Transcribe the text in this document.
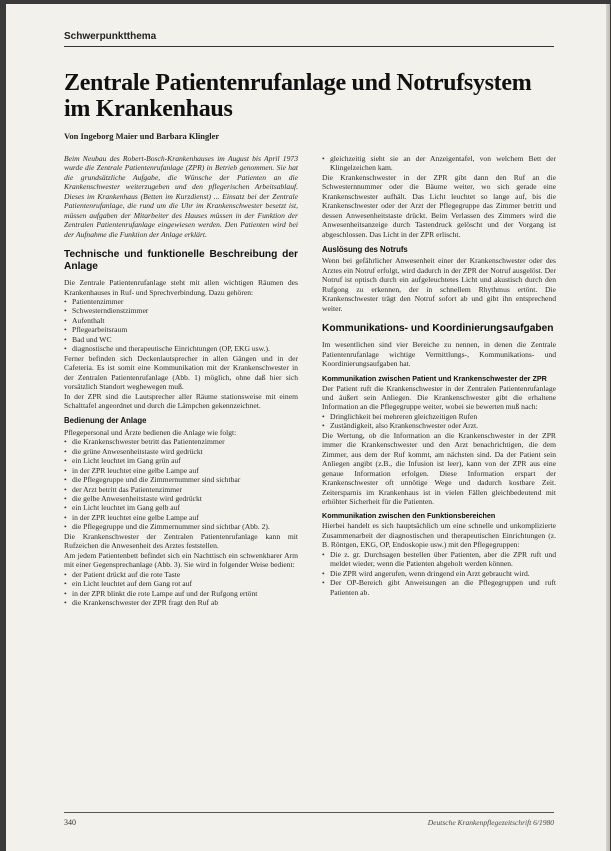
Schwerpunktthema
Zentrale Patientenrufanlage und Notrufsystem im Krankenhaus
Von Ingeborg Maier und Barbara Klingler

Beim Neubau des Robert-Bosch-Krankenhauses im August bis April 1973 wurde die Zentrale Patientenrufanlage (ZPR) in Betrieb genommen. Sie hat die grundsätzliche Aufgabe, die Wünsche der Patienten an die Krankenschwester weiterzugeben und den pflegerischen Arbeitsablauf. Dieses im Krankenhaus (Betten im Kurzdienst) ... Einsatz bei der Zentrale Patientenrufanlage, die rund um die Uhr im Krankenschwester besetzt ist, müssen aufgaben der Mitarbeiter des Hauses müssen in der Funktion der Zentralen Patientenrufanlage eingewiesen werden. Den Patienten wird bei der Aufnahme die Funktion der Anlage erklärt.

Technische und funktionelle Beschreibung der Anlage

Die Zentrale Patientenrufanlage steht mit allen wichtigen Räumen des Krankenhauses in Ruf- und Sprechverbindung. Dazu gehören:

• Patientenzimmer
• Schwesterndienstzimmer
• Aufenthalt
• Pflegearbeitsraum
• Bad und WC
• diagnostische und therapeutische Einrichtungen (OP, EKG usw.).

Ferner befinden sich Deckenlautsprecher in allen Gängen und in der Cafeteria. Es ist somit eine Kommunikation mit der Krankenschwester in der Zentralen Patientenrufanlage (Abb. 1) möglich, ohne daß hier sich vorsätzlich Standort weghewegen muß.

In der ZPR sind die Lautsprecher aller Räume stationsweise mit einem Schalttafel angeordnet und durch die Lämpchen gekennzeichnet.

Bedienung der Anlage

Pflegepersonal und Ärzte bedienen die Anlage wie folgt:

• die Krankenschwester betritt das Patientenzimmer
• die grüne Anwesenheitstaste wird gedrückt
• ein Licht leuchtet im Gang grün auf
• in der ZPR leuchtet eine gelbe Lampe auf
• die Pflegegruppe und die Zimmernummer sind sichtbar
• der Arzt betritt das Patientenzimmer
• die gelbe Anwesenheitstaste wird gedrückt
• ein Licht leuchtet im Gang gelb auf
• in der ZPR leuchtet eine gelbe Lampe auf
• die Pflegegruppe und die Zimmernummer sind sichtbar (Abb. 2).

Die Krankenschwester der Zentralen Patientenrufanlage kann mit Rufzeichen die Anwesenheit des Arztes feststellen.

Am jedem Patientenbett befindet sich ein Nachttisch ein schwenkbarer Arm mit einer Gegensprechanlage (Abb. 3). Sie wird in folgender Weise bedient:

• der Patient drückt auf die rote Taste
• ein Licht leuchtet auf dem Gang rot auf
• in der ZPR blinkt die rote Lampe auf und der Rufgong ertönt
• die Krankenschwester der ZPR fragt den Ruf ab
• gleichzeitig sieht sie an der Anzeigentafel, von welchem Bett der Klingelzeichen kam.

Die Krankenschwester in der ZPR gibt dann den Ruf an die Schwesternnummer oder die Bäume weiter, wo sich gerade eine Krankenschwester aufhält. Das Licht leuchtet so lange auf, bis die Krankenschwester oder der Arzt der Pflegegruppe das Zimmer betritt und dessen Anwesenheitstaste drückt. Beim Verlassen des Zimmers wird die Anwesenheitsanzeige durch Tastendruck gelöscht und der Vorgang ist abgeschlossen. Das Licht in der ZPR erlischt.

Auslösung des Notrufs

Wenn bei gefährlicher Anwesenheit einer der Krankenschwester oder des Arztes ein Notruf erfolgt, wird dadurch in der ZPR der Notruf ausgelöst. Der Notruf ist optisch durch ein aufgeleuchtetes Licht und akustisch durch den Rufgong zu erkennen, der in schnellem Rhythmus ertönt. Die Krankenschwester trägt den Notruf sofort ab und gibt ihn entsprechend weiter.

Kommunikations- und Koordinierungsaufgaben

Im wesentlichen sind vier Bereiche zu nennen, in denen die Zentrale Patientenrufanlage wichtige Vermittlungs-, Kommunikations- und Koordinierungsaufgaben hat.

Kommunikation zwischen Patient und Krankenschwester der ZPR

Der Patient ruft die Krankenschwester in der Zentralen Patientenrufanlage und äußert sein Anliegen. Die Krankenschwester gibt die erhaltene Information an die Pflegegruppe weiter, wobei sie bewerten muß nach:

• Dringlichkeit bei mehreren gleichzeitigen Rufen
• Zuständigkeit, also Krankenschwester oder Arzt.

Die Wertung, ob die Information an die Krankenschwester in der ZPR immer die Krankenschwester und den Arzt benachrichtigen, die dem Zimmer, aus dem der Ruf kommt, am nächsten sind. Da der Patient sein Anliegen angibt (z.B., die Infusion ist leer), kann von der ZPR aus eine genaue Information erfolgen. Diese Information erspart der Krankenschwester oft unnötige Wege und dadurch kostbare Zeit. Zeitersparnis im Krankenhaus ist in vielen Fällen gleichbedeutend mit erhöhter Sicherheit für die Patienten.

Kommunikation zwischen den Funktionsbereichen

Hierbei handelt es sich hauptsächlich um eine schnelle und unkomplizierte Zusammenarbeit der diagnostischen und therapeutischen Einrichtungen (z. B. Röntgen, EKG, OP, Endoskopie usw.) mit den Pflegegruppen:

• Die z. gr. Durchsagen bestellen über Patienten, aber die ZPR ruft und meldet wieder, wenn die Patienten abgeholt werden können.
• Die ZPR wird angerufen, wenn dringend ein Arzt gebraucht wird.
• Der OP-Bereich gibt Anweisungen an die Pflegegruppen und ruft Patienten ab.
340	Deutsche Krankenpflegezeitschrift 6/1980
